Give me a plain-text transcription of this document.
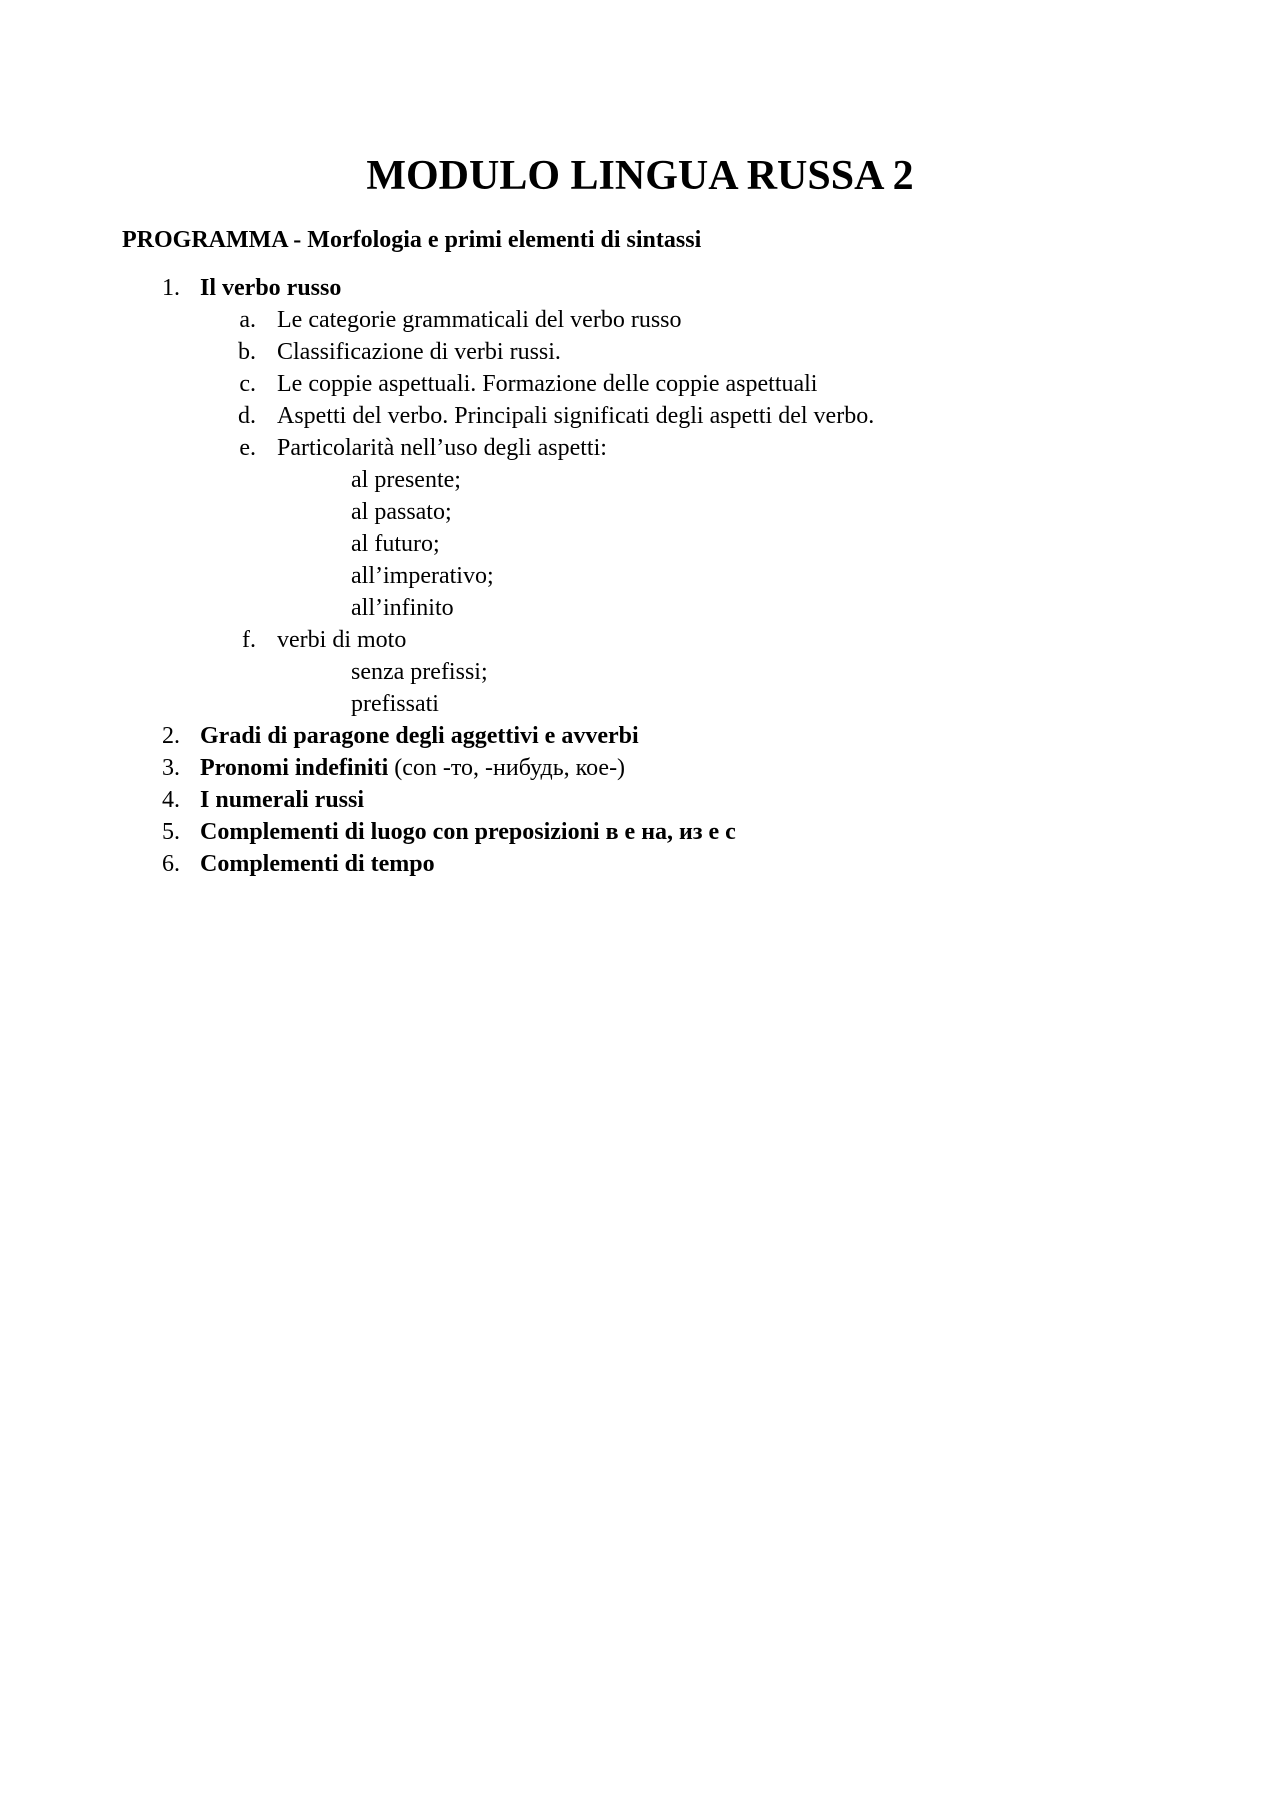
MODULO LINGUA RUSSA 2

PROGRAMMA - Morfologia e primi elementi di sintassi

1. Il verbo russo
a. Le categorie grammaticali del verbo russo
b. Classificazione di verbi russi.
c. Le coppie aspettuali. Formazione delle coppie aspettuali
d. Aspetti del verbo. Principali significati degli aspetti del verbo.
e. Particolarità nell’uso degli aspetti:
al presente;
al passato;
al futuro;
all’imperativo;
all’infinito
f. verbi di moto
senza prefissi;
prefissati
2. Gradi di paragone degli aggettivi e avverbi
3. Pronomi indefiniti (con -то, -нибудь, кое-)
4. I numerali russi
5. Complementi di luogo con preposizioni в e на, из e с
6. Complementi di tempo
